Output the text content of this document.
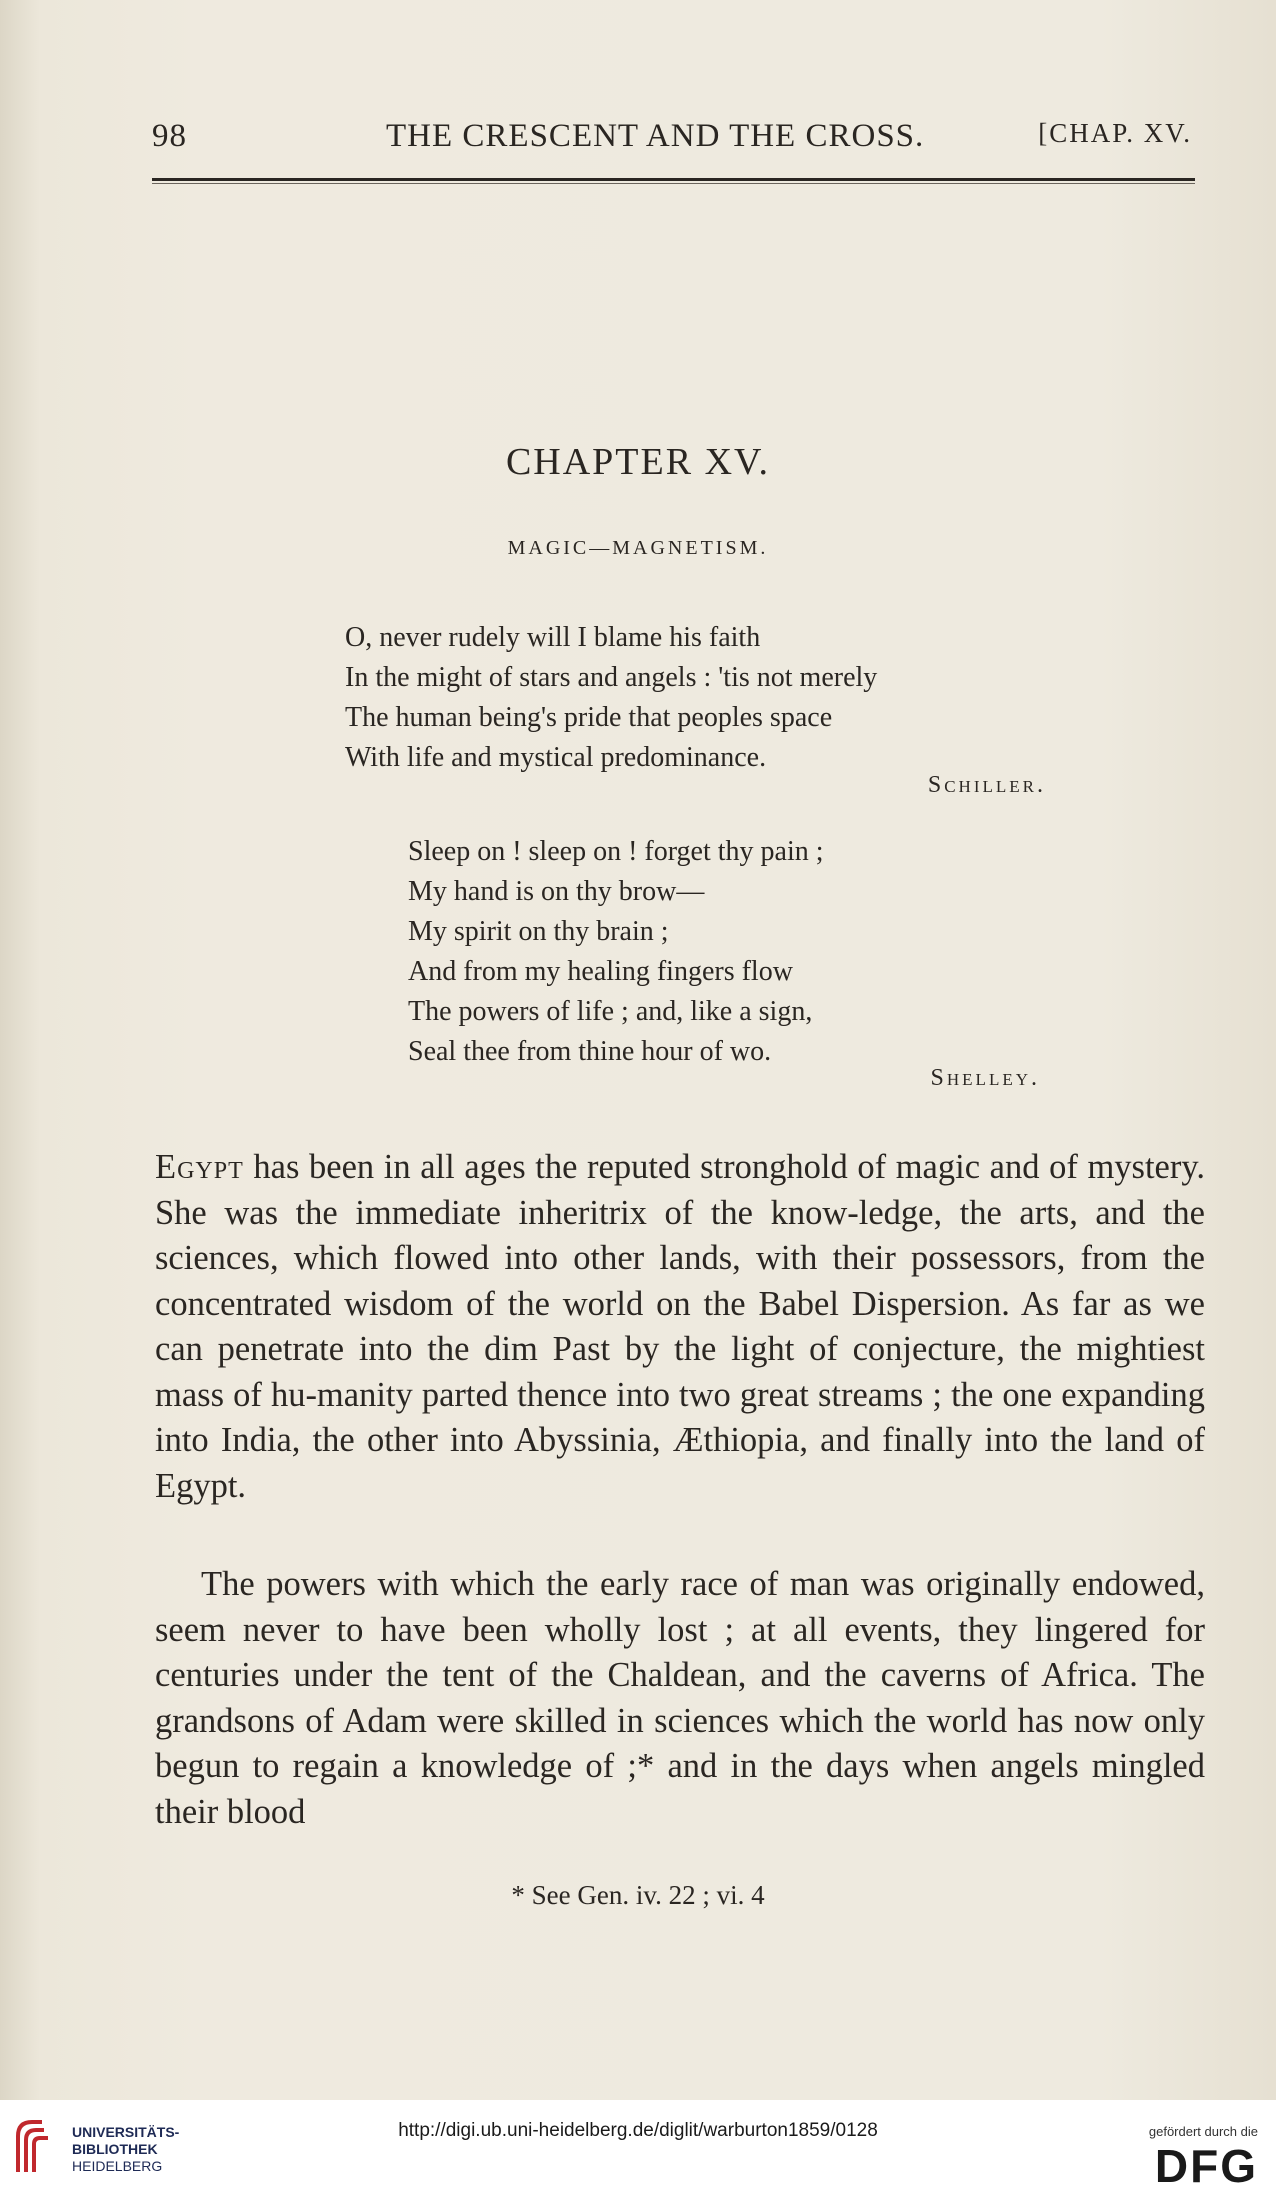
98	THE CRESCENT AND THE CROSS.	[CHAP. XV.
CHAPTER XV.
MAGIC—MAGNETISM.
O, never rudely will I blame his faith
In the might of stars and angels : 'tis not merely
The human being's pride that peoples space
With life and mystical predominance.
Schiller.
Sleep on ! sleep on ! forget thy pain ;
My hand is on thy brow—
My spirit on thy brain ;
And from my healing fingers flow
The powers of life ; and, like a sign,
Seal thee from thine hour of wo.
Shelley.
Egypt has been in all ages the reputed stronghold of magic and of mystery. She was the immediate inheritrix of the know-ledge, the arts, and the sciences, which flowed into other lands, with their possessors, from the concentrated wisdom of the world on the Babel Dispersion. As far as we can penetrate into the dim Past by the light of conjecture, the mightiest mass of hu-manity parted thence into two great streams ; the one expanding into India, the other into Abyssinia, Æthiopia, and finally into the land of Egypt.
The powers with which the early race of man was originally endowed, seem never to have been wholly lost ; at all events, they lingered for centuries under the tent of the Chaldean, and the caverns of Africa. The grandsons of Adam were skilled in sciences which the world has now only begun to regain a knowledge of ;* and in the days when angels mingled their blood
* See Gen. iv. 22 ; vi. 4
UNIVERSITÄTS-
BIBLIOTHEK
HEIDELBERG
gefördert durch die
DFG
http://digi.ub.uni-heidelberg.de/diglit/warburton1859/0128
